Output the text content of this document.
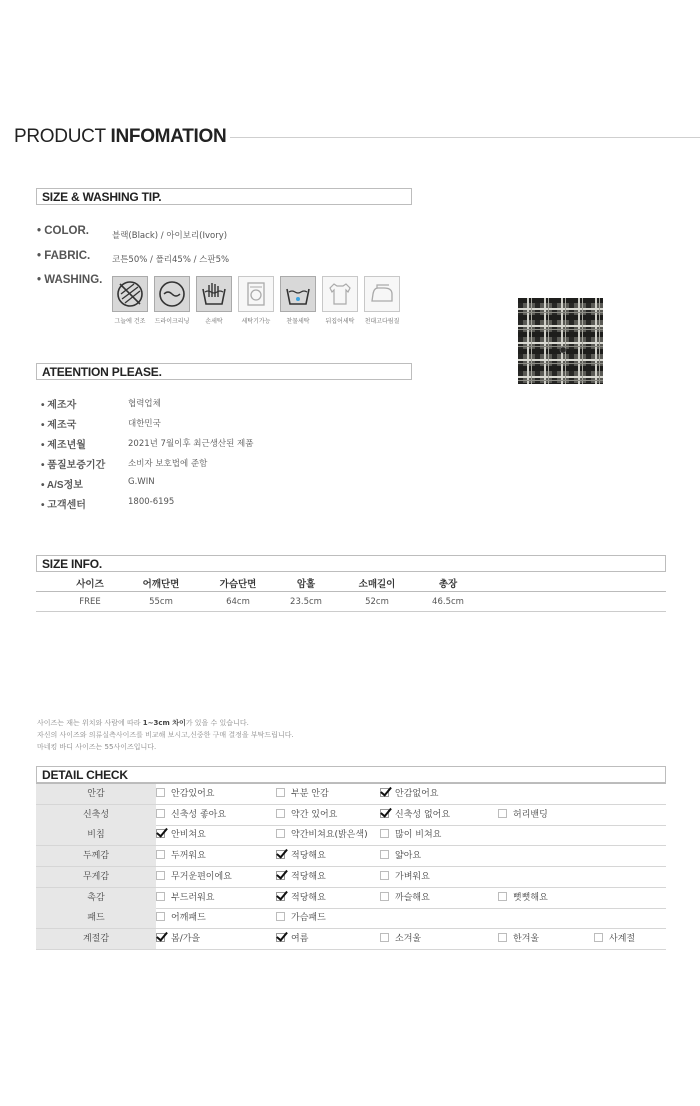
PRODUCT INFOMATION
SIZE & WASHING TIP.
• COLOR.	블랙(Black) / 아이보리(Ivory)
• FABRIC.	코튼50% / 폴리45% / 스판5%
• WASHING.
그늘에 건조	드라이크리닝	손세탁	세탁기가능	찬물세탁	뒤집어세탁	천대고다림질
ATEENTION PLEASE.
• 제조자	협력업체
• 제조국	대한민국
• 제조년월	2021년 7월이후 최근생산된 제품
• 품질보증기간	소비자 보호법에 준함
• A/S정보	G.WIN
• 고객센터	1800-6195
SIZE INFO.
사이즈	어깨단면	가슴단면	암홀	소매길이	총장
FREE	55cm	64cm	23.5cm	52cm	46.5cm
사이즈는 재는 위치와 사람에 따라 1~3cm 차이가 있을 수 있습니다.
자신의 사이즈와 의류실측사이즈를 비교해 보시고,신중한 구매 결정을 부탁드립니다.
마네킹 바디 사이즈는 55사이즈입니다.
DETAIL CHECK
안감	안감있어요	부분 안감	안감없어요
신축성	신축성 좋아요	약간 있어요	신축성 없어요	허리밴딩
비침	안비쳐요	약간비쳐요(밝은색)	많이 비쳐요
두께감	두꺼워요	적당해요	얇아요
무게감	무거운편이에요	적당해요	가벼워요
촉감	부드러워요	적당해요	까슬해요	뻣뻣해요
패드	어깨패드	가슴패드
계절감	봄/가을	여름	소겨울	한겨울	사계절
